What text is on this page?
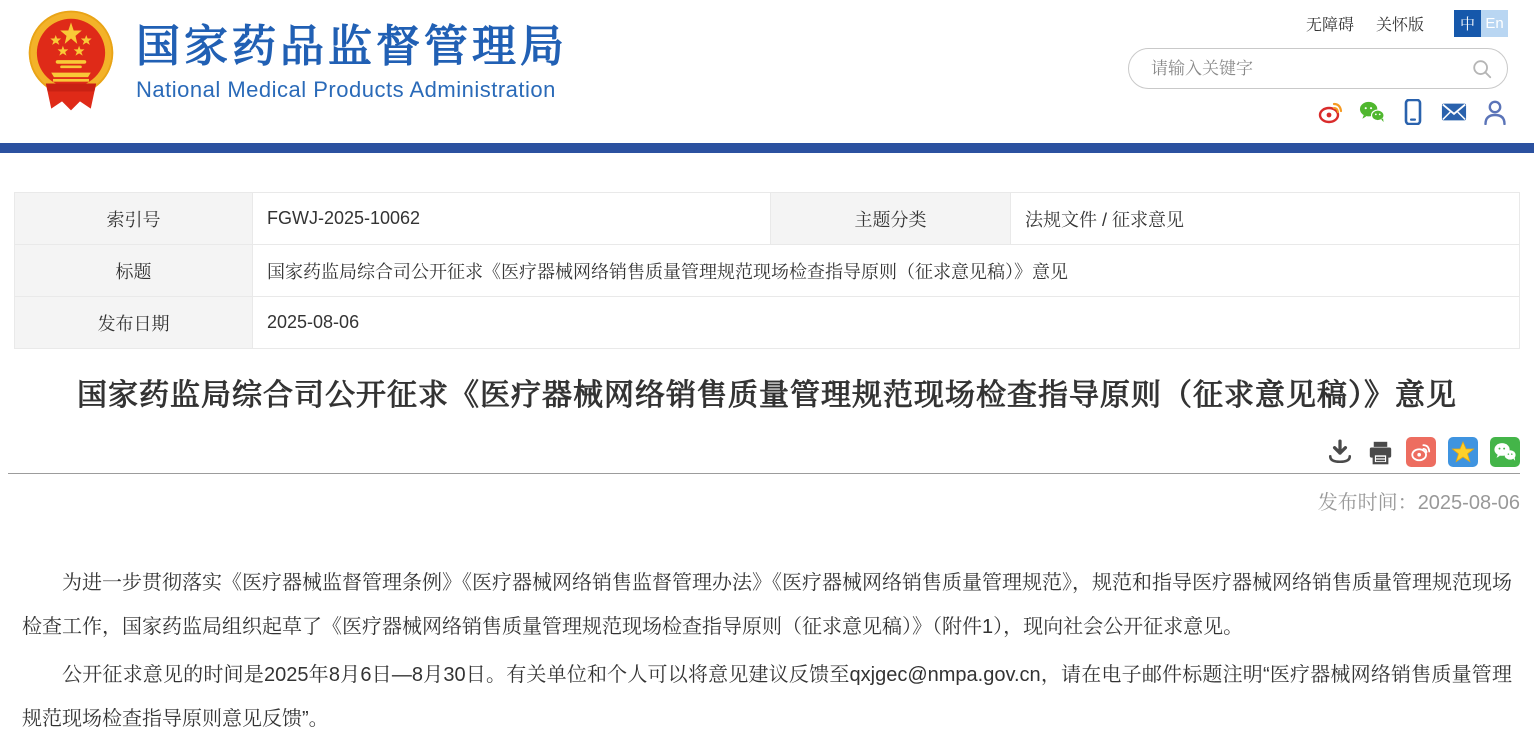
国家药品监督管理局
National Medical Products Administration
无障碍 关怀版	中 En
请输入关键字
索引号	FGWJ-2025-10062	主题分类	法规文件 / 征求意见
标题	国家药监局综合司公开征求《医疗器械网络销售质量管理规范现场检查指导原则（征求意见稿）》意见		
发布日期	2025-08-06		
国家药监局综合司公开征求《医疗器械网络销售质量管理规范现场检查指导原则（征求意见稿）》意见
发布时间：2025-08-06

为进一步贯彻落实《医疗器械监督管理条例》《医疗器械网络销售监督管理办法》《医疗器械网络销售质量管理规范》，规范和指导医疗器械网络销售质量管理规范现场检查工作，国家药监局组织起草了《医疗器械网络销售质量管理规范现场检查指导原则（征求意见稿）》（附件1），现向社会公开征求意见。

公开征求意见的时间是2025年8月6日—8月30日。有关单位和个人可以将意见建议反馈至qxjgec@nmpa.gov.cn，请在电子邮件标题注明“医疗器械网络销售质量管理规范现场检查指导原则意见反馈”。
